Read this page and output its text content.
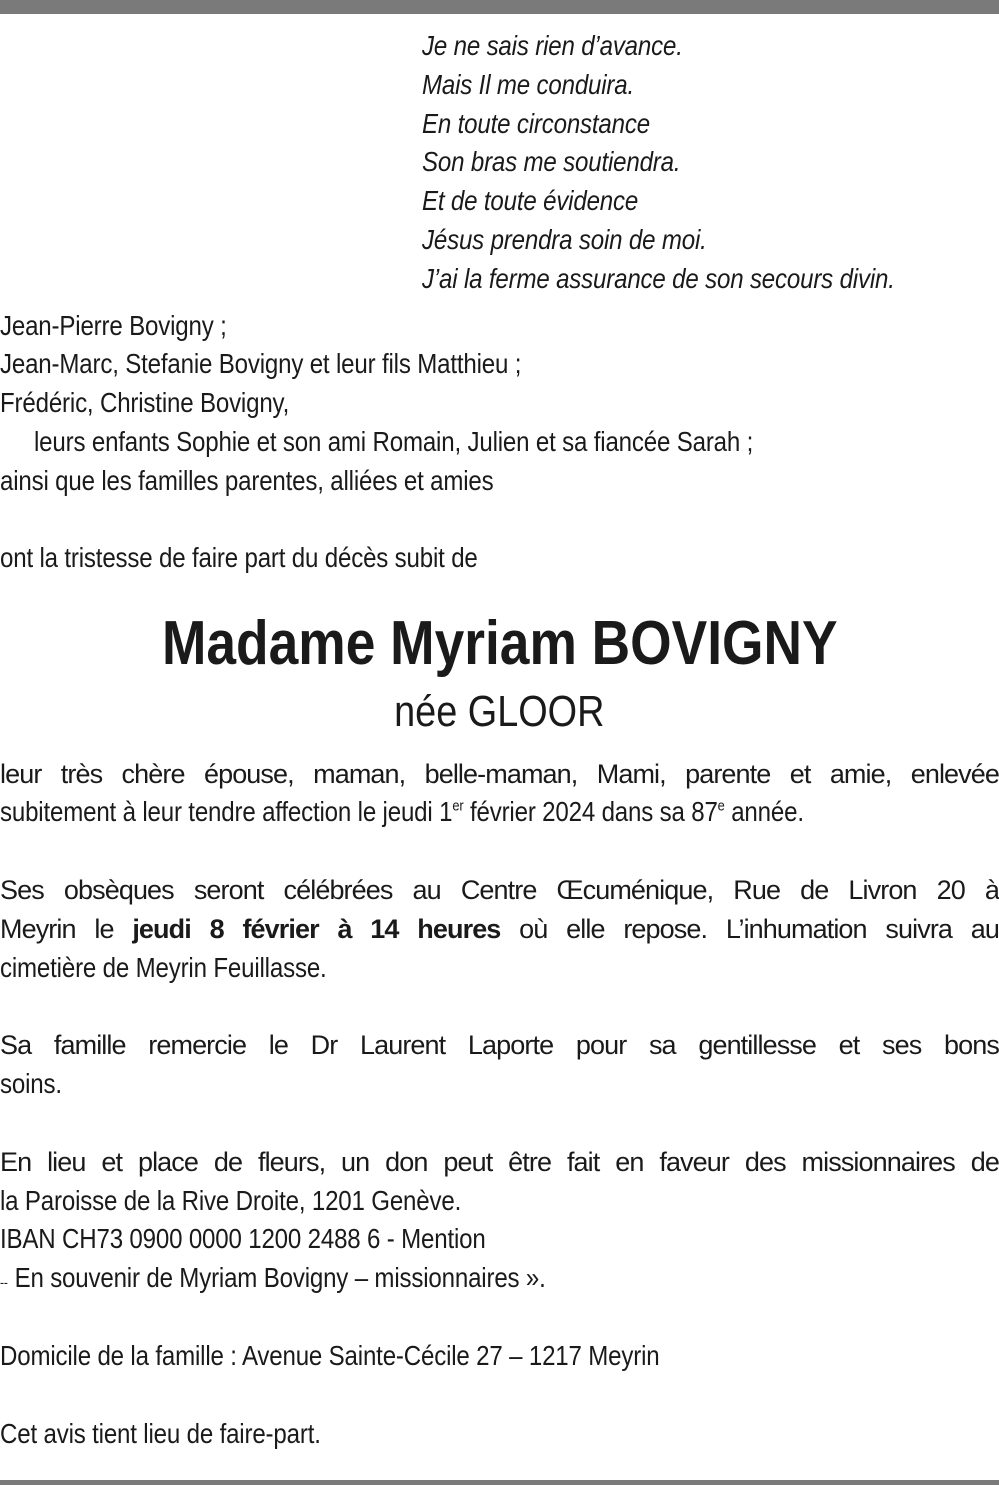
Je ne sais rien d’avance.
Mais Il me conduira.
En toute circonstance
Son bras me soutiendra.
Et de toute évidence
Jésus prendra soin de moi.
J’ai la ferme assurance de son secours divin.
Jean-Pierre Bovigny ;
Jean-Marc, Stefanie Bovigny et leur fils Matthieu ;
Frédéric, Christine Bovigny,
leurs enfants Sophie et son ami Romain, Julien et sa fiancée Sarah ;
ainsi que les familles parentes, alliées et amies
ont la tristesse de faire part du décès subit de
Madame Myriam BOVIGNY
née GLOOR
leur très chère épouse, maman, belle-maman, Mami, parente et amie, enlevée
subitement à leur tendre affection le jeudi 1er février 2024 dans sa 87e année.
Ses obsèques seront célébrées au Centre Œcuménique, Rue de Livron 20 à
Meyrin le jeudi 8 février à 14 heures où elle repose. L’inhumation suivra au
cimetière de Meyrin Feuillasse.
Sa famille remercie le Dr Laurent Laporte pour sa gentillesse et ses bons
soins.
En lieu et place de fleurs, un don peut être fait en faveur des missionnaires de
la Paroisse de la Rive Droite, 1201 Genève.
IBAN CH73 0900 0000 1200 2488 6 - Mention
-- En souvenir de Myriam Bovigny – missionnaires ».
Domicile de la famille : Avenue Sainte-Cécile 27 – 1217 Meyrin
Cet avis tient lieu de faire-part.
